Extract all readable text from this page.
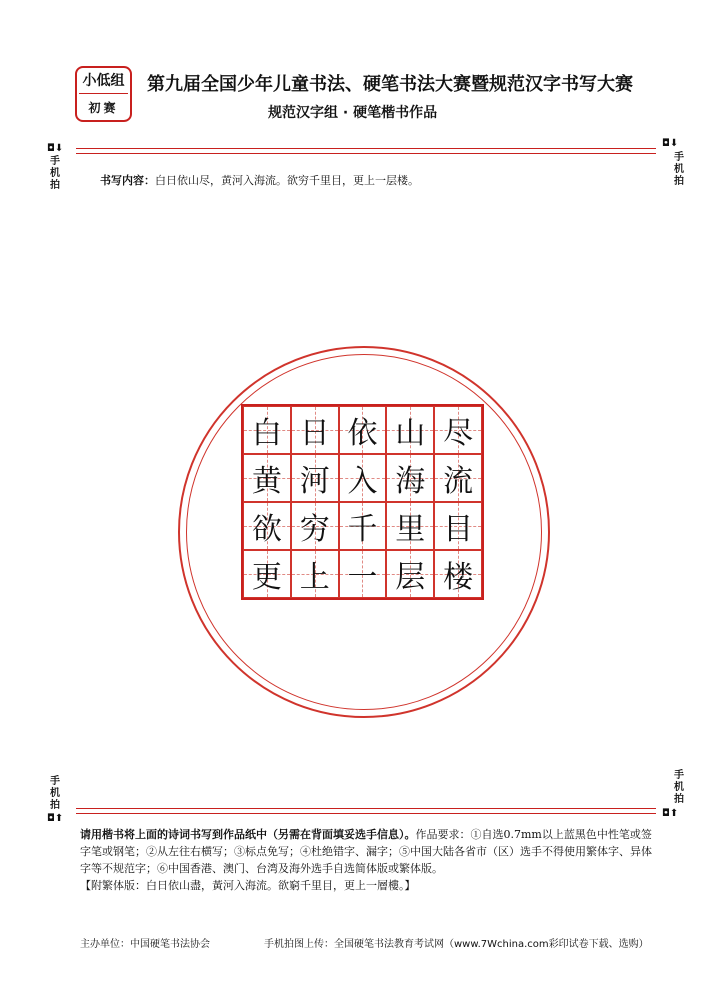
小低组
初赛
第九届全国少年儿童书法、硬笔书法大赛暨规范汉字书写大赛
规范汉字组 · 硬笔楷书作品
◘⬇
手机拍
◘⬇
手机拍
手机拍
◘⬆
手机拍
◘⬆
书写内容：白日依山尽，黄河入海流。欲穷千里目，更上一层楼。
白 日 依 山 尽
黄 河 入 海 流
欲 穷 千 里 目
更 上 一 层 楼
请用楷书将上面的诗词书写到作品纸中（另需在背面填妥选手信息）。作品要求：①自选0.7mm以上蓝黑色中性笔或签字笔或钢笔；②从左往右横写；③标点免写；④杜绝错字、漏字；⑤中国大陆各省市（区）选手不得使用繁体字、异体字等不规范字；⑥中国香港、澳门、台湾及海外选手自选简体版或繁体版。
【附繁体版：白日依山盡，黃河入海流。欲窮千里目，更上一層樓。】
主办单位：中国硬笔书法协会	手机拍图上传：全国硬笔书法教育考试网（www.7Wchina.com彩印试卷下载、选购）
